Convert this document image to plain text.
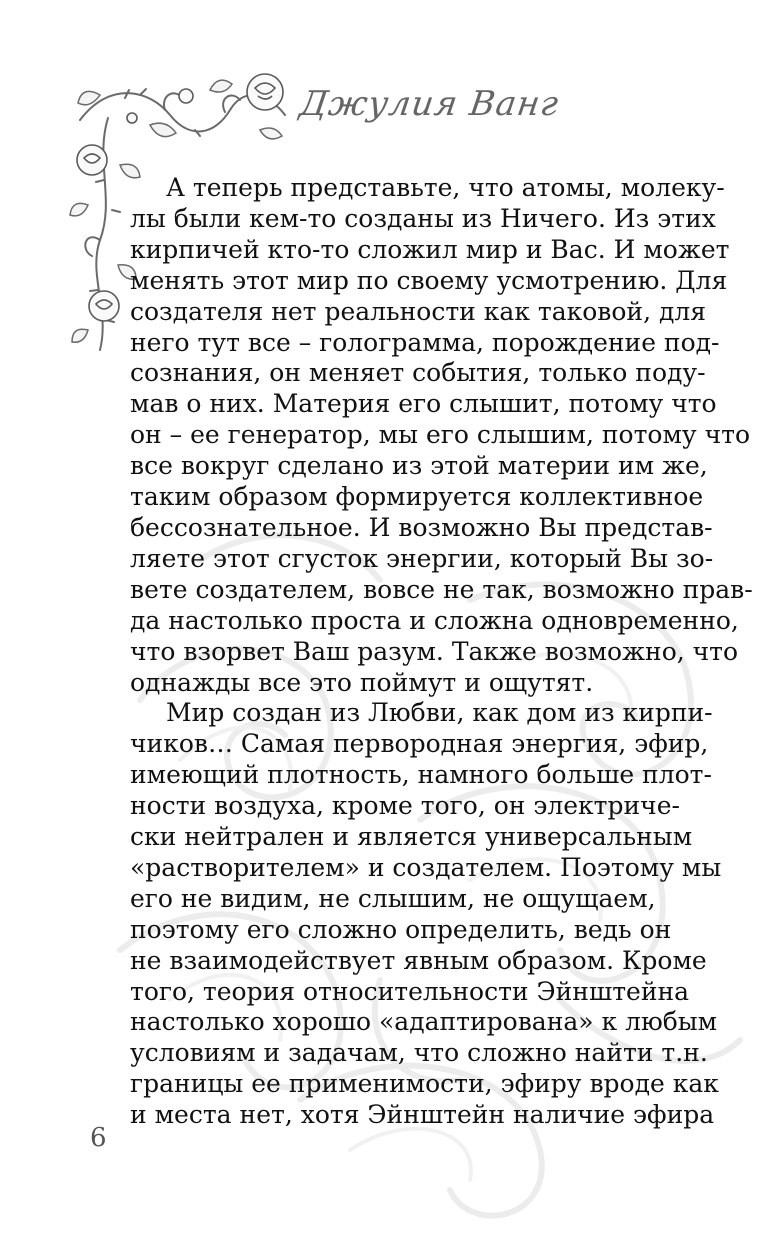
Джулия Ванг
А теперь представьте, что атомы, молеку-
лы были кем-то созданы из Ничего. Из этих
кирпичей кто-то сложил мир и Вас. И может
менять этот мир по своему усмотрению. Для
создателя нет реальности как таковой, для
него тут все – голограмма, порождение под-
сознания, он меняет события, только поду-
мав о них. Материя его слышит, потому что
он – ее генератор, мы его слышим, потому что
все вокруг сделано из этой материи им же,
таким образом формируется коллективное
бессознательное. И возможно Вы представ-
ляете этот сгусток энергии, который Вы зо-
вете создателем, вовсе не так, возможно прав-
да настолько проста и сложна одновременно,
что взорвет Ваш разум. Также возможно, что
однажды все это поймут и ощутят.
Мир создан из Любви, как дом из кирпи-
чиков… Самая первородная энергия, эфир,
имеющий плотность, намного больше плот-
ности воздуха, кроме того, он электриче-
ски нейтрален и является универсальным
«растворителем» и создателем. Поэтому мы
его не видим, не слышим, не ощущаем,
поэтому его сложно определить, ведь он
не взаимодействует явным образом. Кроме
того, теория относительности Эйнштейна
настолько хорошо «адаптирована» к любым
условиям и задачам, что сложно найти т.н.
границы ее применимости, эфиру вроде как
и места нет, хотя Эйнштейн наличие эфира
6
